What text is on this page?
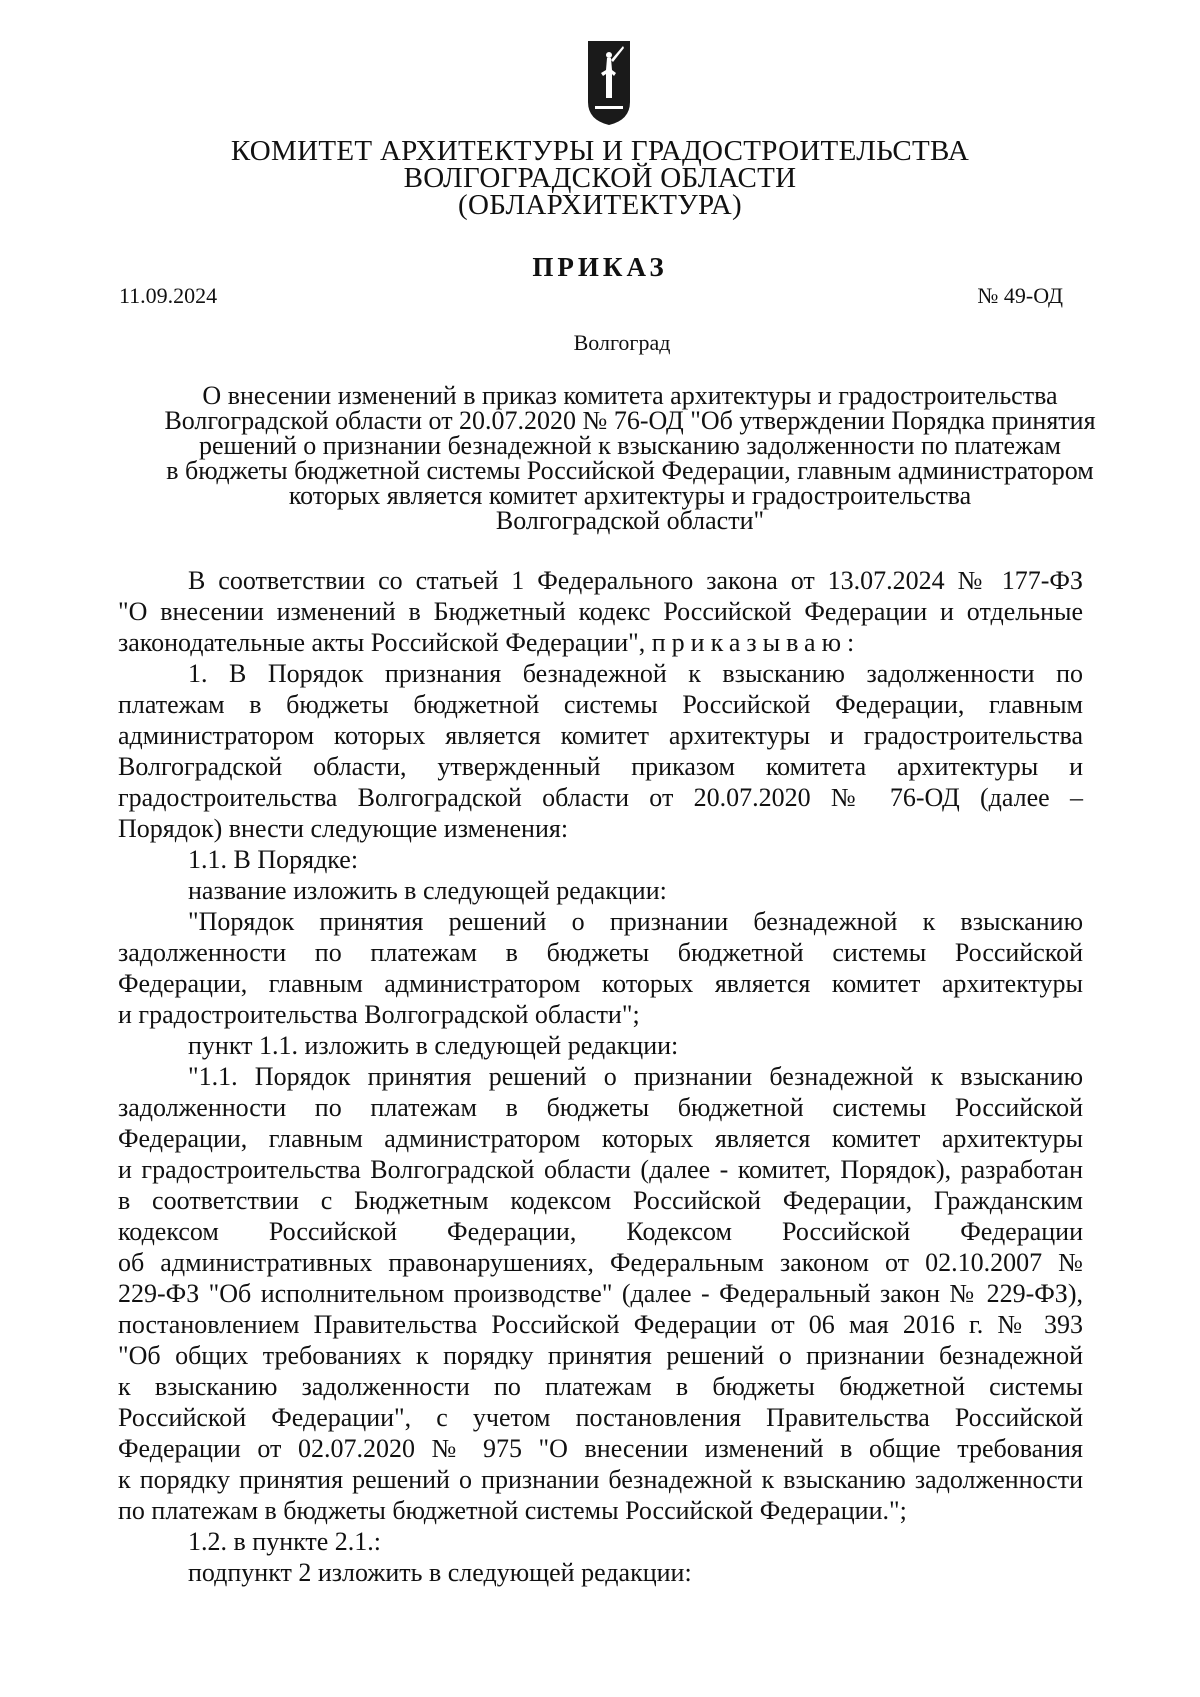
КОМИТЕТ АРХИТЕКТУРЫ И ГРАДОСТРОИТЕЛЬСТВА
ВОЛГОГРАДСКОЙ ОБЛАСТИ
(ОБЛАРХИТЕКТУРА)
ПРИКАЗ
11.09.2024	№ 49-ОД
Волгоград
О внесении изменений в приказ комитета архитектуры и градостроительства
Волгоградской области от 20.07.2020 № 76-ОД "Об утверждении Порядка принятия
решений о признании безнадежной к взысканию задолженности по платежам
в бюджеты бюджетной системы Российской Федерации, главным администратором
которых является комитет архитектуры и градостроительства
Волгоградской области"
В соответствии со статьей 1 Федерального закона от 13.07.2024 № 177-ФЗ
"О внесении изменений в Бюджетный кодекс Российской Федерации и отдельные
законодательные акты Российской Федерации", приказываю:
1. В Порядок признания безнадежной к взысканию задолженности по
платежам в бюджеты бюджетной системы Российской Федерации, главным
администратором которых является комитет архитектуры и градостроительства
Волгоградской области, утвержденный приказом комитета архитектуры и
градостроительства Волгоградской области от 20.07.2020 № 76-ОД (далее –
Порядок) внести следующие изменения:
1.1. В Порядке:
название изложить в следующей редакции:
"Порядок принятия решений о признании безнадежной к взысканию
задолженности по платежам в бюджеты бюджетной системы Российской
Федерации, главным администратором которых является комитет архитектуры
и градостроительства Волгоградской области";
пункт 1.1. изложить в следующей редакции:
"1.1. Порядок принятия решений о признании безнадежной к взысканию
задолженности по платежам в бюджеты бюджетной системы Российской
Федерации, главным администратором которых является комитет архитектуры
и градостроительства Волгоградской области (далее - комитет, Порядок), разработан
в соответствии с Бюджетным кодексом Российской Федерации, Гражданским
кодексом Российской Федерации, Кодексом Российской Федерации
об административных правонарушениях, Федеральным законом от 02.10.2007 №
229-ФЗ "Об исполнительном производстве" (далее - Федеральный закон № 229-ФЗ),
постановлением Правительства Российской Федерации от 06 мая 2016 г. № 393
"Об общих требованиях к порядку принятия решений о признании безнадежной
к взысканию задолженности по платежам в бюджеты бюджетной системы
Российской Федерации", с учетом постановления Правительства Российской
Федерации от 02.07.2020 № 975 "О внесении изменений в общие требования
к порядку принятия решений о признании безнадежной к взысканию задолженности
по платежам в бюджеты бюджетной системы Российской Федерации.";
1.2. в пункте 2.1.:
подпункт 2 изложить в следующей редакции:
